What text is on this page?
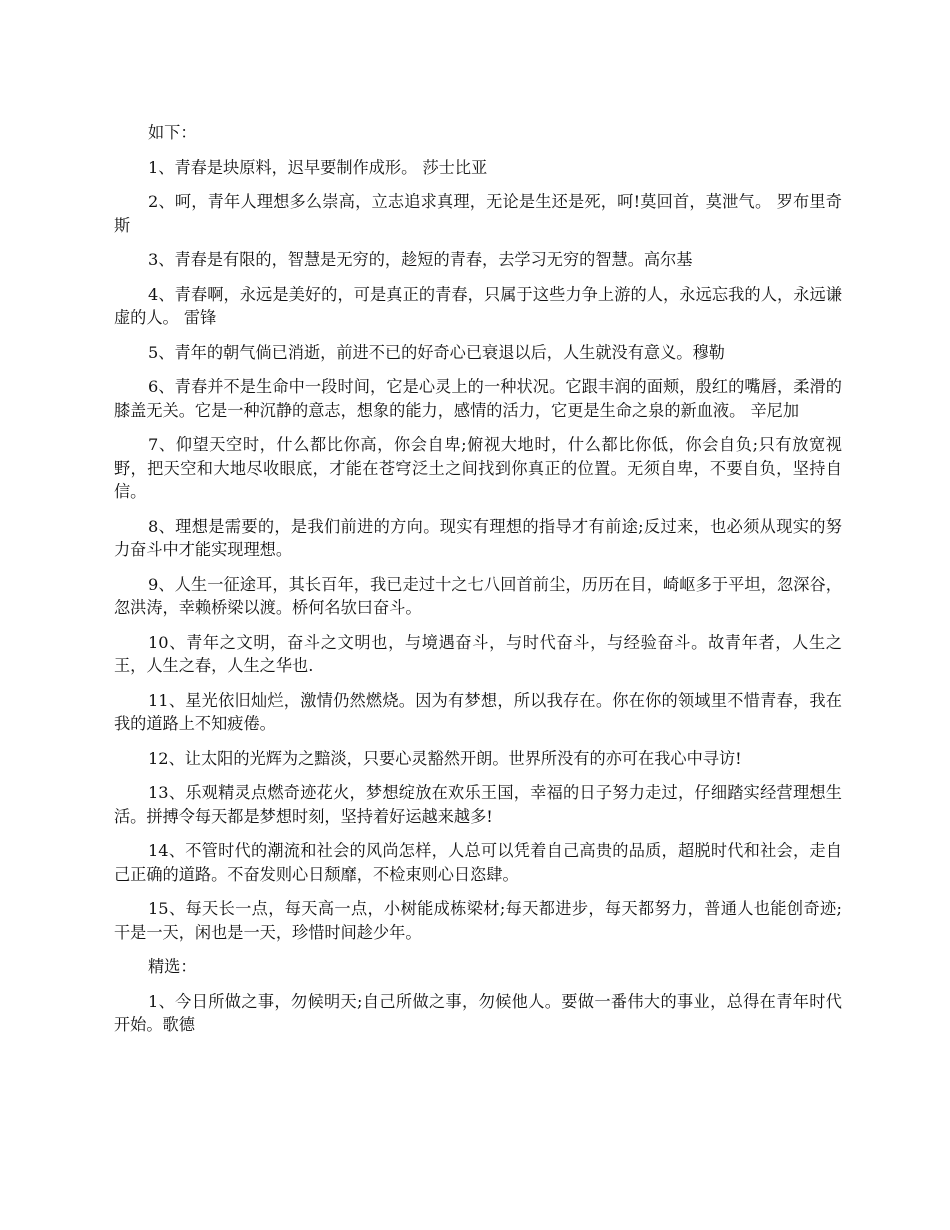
如下：

1、青春是块原料，迟早要制作成形。 莎士比亚

2、呵，青年人理想多么崇高，立志追求真理，无论是生还是死，呵!莫回首，莫泄气。 罗布里奇斯

3、青春是有限的，智慧是无穷的，趁短的青春，去学习无穷的智慧。高尔基

4、青春啊，永远是美好的，可是真正的青春，只属于这些力争上游的人，永远忘我的人，永远谦虚的人。 雷锋

5、青年的朝气倘已消逝，前进不已的好奇心已衰退以后，人生就没有意义。穆勒

6、青春并不是生命中一段时间，它是心灵上的一种状况。它跟丰润的面颊，殷红的嘴唇，柔滑的膝盖无关。它是一种沉静的意志，想象的能力，感情的活力，它更是生命之泉的新血液。 辛尼加

7、仰望天空时，什么都比你高，你会自卑;俯视大地时，什么都比你低，你会自负;只有放宽视野，把天空和大地尽收眼底，才能在苍穹泛土之间找到你真正的位置。无须自卑，不要自负，坚持自信。

8、理想是需要的，是我们前进的方向。现实有理想的指导才有前途;反过来，也必须从现实的努力奋斗中才能实现理想。

9、人生一征途耳，其长百年，我已走过十之七八回首前尘，历历在目，崎岖多于平坦，忽深谷，忽洪涛，幸赖桥梁以渡。桥何名欤曰奋斗。

10、青年之文明，奋斗之文明也，与境遇奋斗，与时代奋斗，与经验奋斗。故青年者，人生之王，人生之春，人生之华也.

11、星光依旧灿烂，激情仍然燃烧。因为有梦想，所以我存在。你在你的领域里不惜青春，我在我的道路上不知疲倦。

12、让太阳的光辉为之黯淡，只要心灵豁然开朗。世界所没有的亦可在我心中寻访!

13、乐观精灵点燃奇迹花火，梦想绽放在欢乐王国，幸福的日子努力走过，仔细踏实经营理想生活。拼搏令每天都是梦想时刻，坚持着好运越来越多!

14、不管时代的潮流和社会的风尚怎样，人总可以凭着自己高贵的品质，超脱时代和社会，走自己正确的道路。不奋发则心日颓靡，不检束则心日恣肆。

15、每天长一点，每天高一点，小树能成栋梁材;每天都进步，每天都努力，普通人也能创奇迹;干是一天，闲也是一天，珍惜时间趁少年。

精选：

1、今日所做之事，勿候明天;自己所做之事，勿候他人。要做一番伟大的事业，总得在青年时代开始。歌德
